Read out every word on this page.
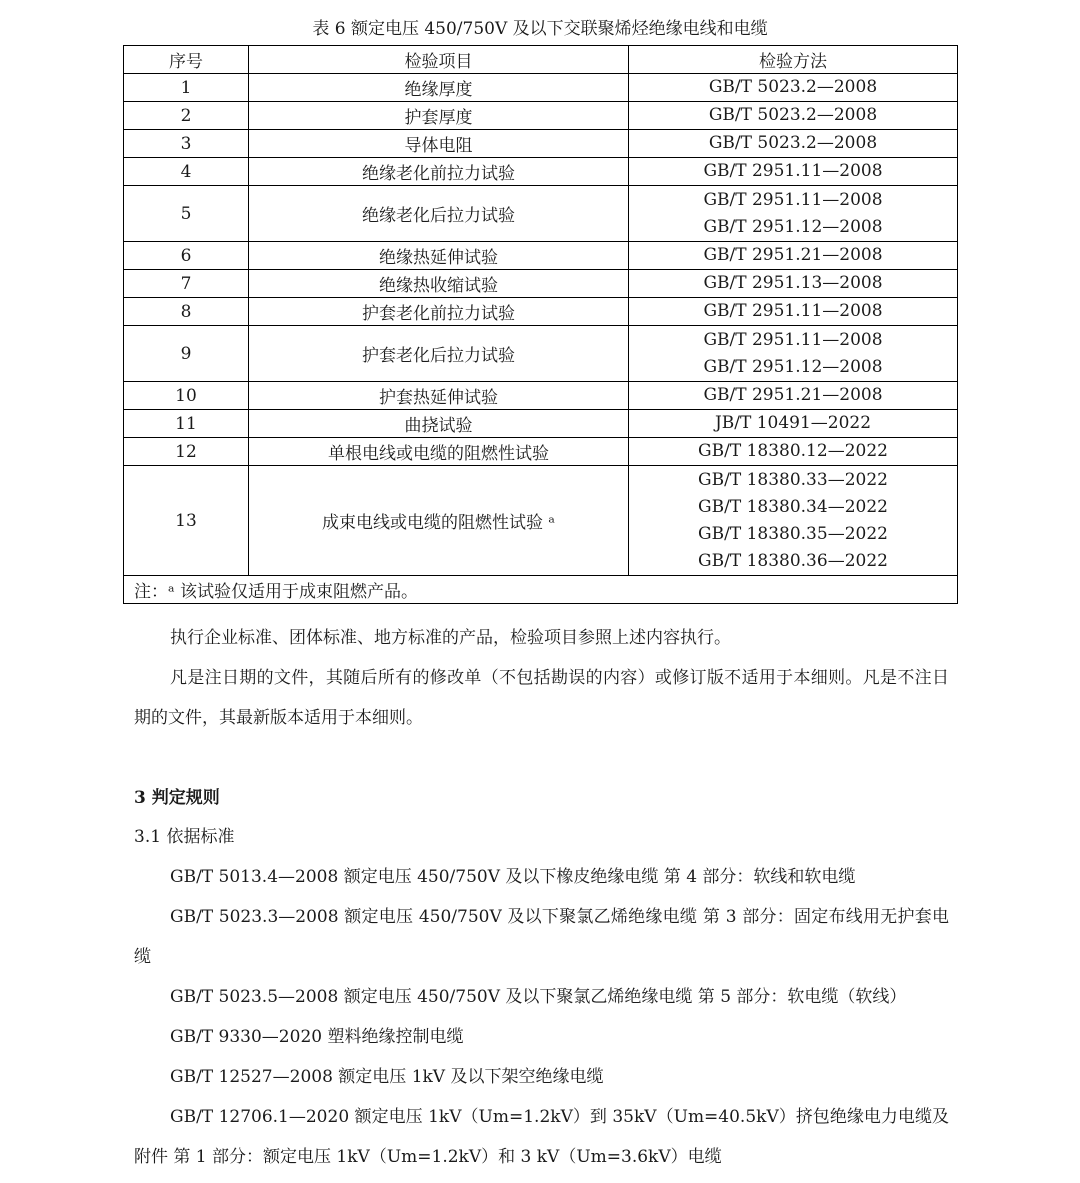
表 6 额定电压 450/750V 及以下交联聚烯烃绝缘电线和电缆
序号	检验项目	检验方法
1	绝缘厚度	GB/T 5023.2—2008

2	护套厚度	GB/T 5023.2—2008

3	导体电阻	GB/T 5023.2—2008

4	绝缘老化前拉力试验	GB/T 2951.11—2008

5	绝缘老化后拉力试验	GB/T 2951.11—2008
GB/T 2951.12—2008

6	绝缘热延伸试验	GB/T 2951.21—2008

7	绝缘热收缩试验	GB/T 2951.13—2008

8	护套老化前拉力试验	GB/T 2951.11—2008

9	护套老化后拉力试验	GB/T 2951.11—2008
GB/T 2951.12—2008

10	护套热延伸试验	GB/T 2951.21—2008

11	曲挠试验	JB/T 10491—2022

12	单根电线或电缆的阻燃性试验	GB/T 18380.12—2022

13	成束电线或电缆的阻燃性试验 ᵃ	GB/T 18380.33—2022
GB/T 18380.34—2022
GB/T 18380.35—2022
GB/T 18380.36—2022

注：ᵃ 该试验仅适用于成束阻燃产品。		
执行企业标准、团体标准、地方标准的产品，检验项目参照上述内容执行。
凡是注日期的文件，其随后所有的修改单（不包括勘误的内容）或修订版不适用于本细则。凡是不注日期的文件，其最新版本适用于本细则。
3 判定规则
3.1 依据标准
GB/T 5013.4—2008 额定电压 450/750V 及以下橡皮绝缘电缆 第 4 部分：软线和软电缆
GB/T 5023.3—2008 额定电压 450/750V 及以下聚氯乙烯绝缘电缆 第 3 部分：固定布线用无护套电缆
GB/T 5023.5—2008 额定电压 450/750V 及以下聚氯乙烯绝缘电缆 第 5 部分：软电缆（软线）
GB/T 9330—2020 塑料绝缘控制电缆
GB/T 12527—2008 额定电压 1kV 及以下架空绝缘电缆
GB/T 12706.1—2020 额定电压 1kV（Um=1.2kV）到 35kV（Um=40.5kV）挤包绝缘电力电缆及附件 第 1 部分：额定电压 1kV（Um=1.2kV）和 3 kV（Um=3.6kV）电缆
